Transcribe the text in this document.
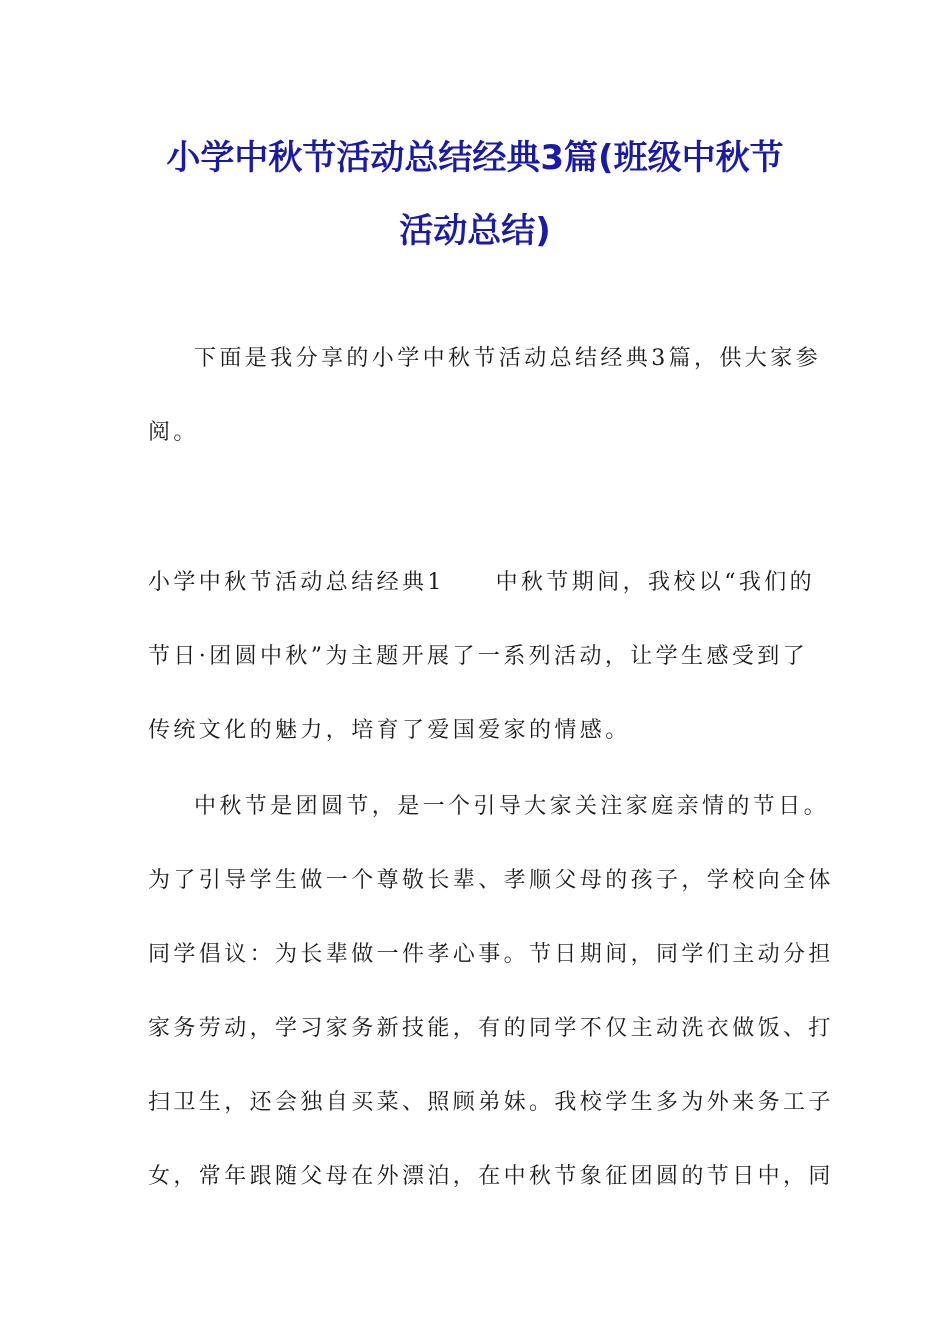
小学中秋节活动总结经典3篇(班级中秋节
活动总结)

下面是我分享的小学中秋节活动总结经典3篇，供大家参

阅。

小学中秋节活动总结经典1　　中秋节期间，我校以“我们的

节日·团圆中秋”为主题开展了一系列活动，让学生感受到了

传统文化的魅力，培育了爱国爱家的情感。

中秋节是团圆节，是一个引导大家关注家庭亲情的节日。

为了引导学生做一个尊敬长辈、孝顺父母的孩子，学校向全体

同学倡议：为长辈做一件孝心事。节日期间，同学们主动分担

家务劳动，学习家务新技能，有的同学不仅主动洗衣做饭、打

扫卫生，还会独自买菜、照顾弟妹。我校学生多为外来务工子

女，常年跟随父母在外漂泊，在中秋节象征团圆的节日中，同
